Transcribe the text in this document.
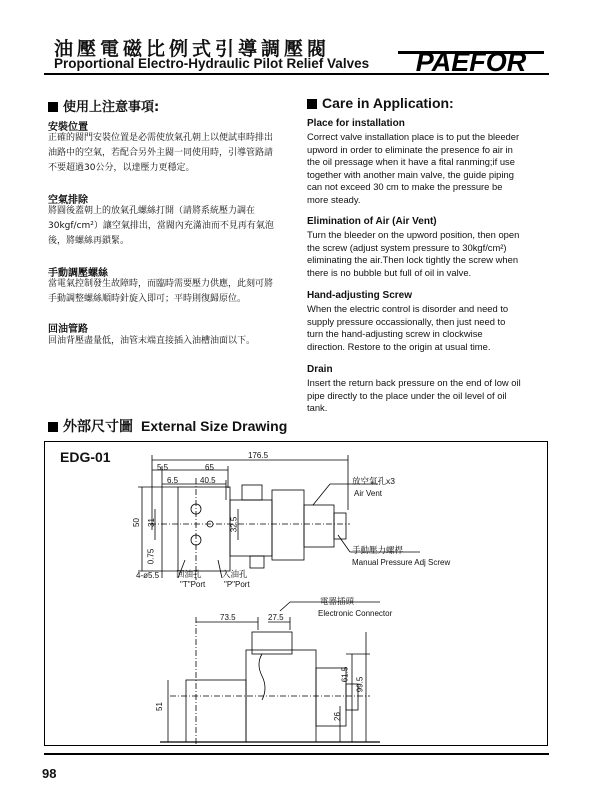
油壓電磁比例式引導調壓閥
Proportional Electro-Hydraulic Pilot Relief Valves PAEFOR
使用上注意事項:
安裝位置
正確的閥門安裝位置是必需使放氣孔朝上以便試車時排出油路中的空氣，若配合另外主閥一同使用時，引導管路請不要超過30公分，以達壓力更穩定。
空氣排除
將圓後蓋朝上的放氣孔螺絲打開（請將系統壓力調在30kgf/cm²）讓空氣排出，當閥內充滿油而不見再有氣泡後，將螺絲再鎖緊。
手動調壓螺絲
當電氣控制發生故障時，而臨時需要壓力供應，此刻可將手動調整螺絲順時針旋入即可；平時則復歸原位。
回油管路
回油背壓盡量低，油管末端直接插入油槽油面以下。
Care in Application:
Place for installation
Correct valve installation place is to put the bleeder upword in order to eliminate the presence fo air in the oil pressage when it have a fital ranming;if use together with another main valve, the guide piping can not exceed 30 cm to make the pressure be more steady.
Elimination of Air (Air Vent)
Turn the bleeder on the upword position, then open the screw (adjust system pressure to 30kgf/cm²) eliminating the air.Then lock tightly the screw when there is no bubble but full of oil in valve.
Hand-adjusting Screw
When the electric control is disorder and need to supply pressure occassionally, then just need to turn the hand-adjusting screw in clockwise direction. Restore to the origin at usual time.
Drain
Insert the return back pressure on the end of low oil pipe directly to the place under the oil level of oil tank.
外部尺寸圖 External Size Drawing
EDG-01	176.5
5.5	65
6.5	40.5
50 31	32.5
0.75
4-ø5.5
73.5	27.5
61.5
99.5
51
26
放空氣孔x3
Air Vent
手動壓力螺桿
Manual Pressure Adj Screw
回油孔
"T"Port
入油孔
"P"Port
電器插頭
Electronic Connector
98
